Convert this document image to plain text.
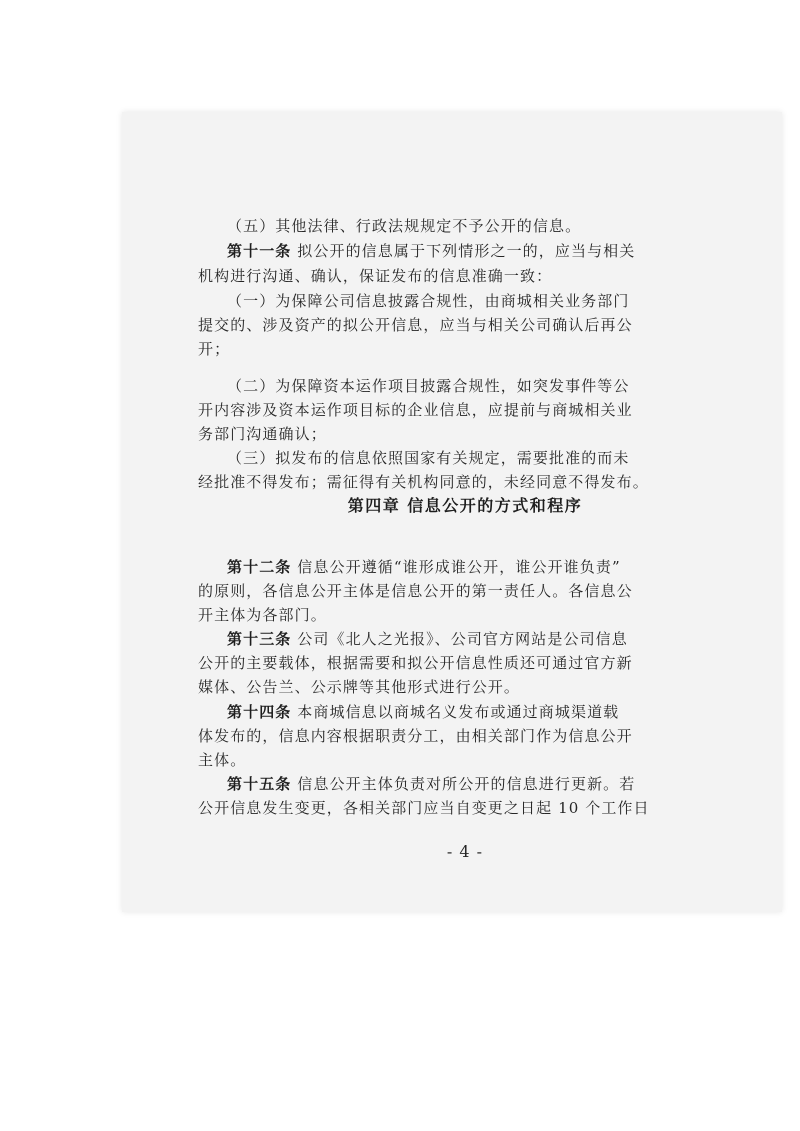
（五）其他法律、行政法规规定不予公开的信息。
第十一条 拟公开的信息属于下列情形之一的，应当与相关
机构进行沟通、确认，保证发布的信息准确一致：
（一）为保障公司信息披露合规性，由商城相关业务部门
提交的、涉及资产的拟公开信息，应当与相关公司确认后再公
开；
（二）为保障资本运作项目披露合规性，如突发事件等公
开内容涉及资本运作项目标的企业信息，应提前与商城相关业
务部门沟通确认；
（三）拟发布的信息依照国家有关规定，需要批准的而未
经批准不得发布；需征得有关机构同意的，未经同意不得发布。
第四章 信息公开的方式和程序
第十二条 信息公开遵循“谁形成谁公开，谁公开谁负责”
的原则，各信息公开主体是信息公开的第一责任人。各信息公
开主体为各部门。
第十三条 公司《北人之光报》、公司官方网站是公司信息
公开的主要载体，根据需要和拟公开信息性质还可通过官方新
媒体、公告兰、公示牌等其他形式进行公开。
第十四条 本商城信息以商城名义发布或通过商城渠道载
体发布的，信息内容根据职责分工，由相关部门作为信息公开
主体。
第十五条 信息公开主体负责对所公开的信息进行更新。若
公开信息发生变更，各相关部门应当自变更之日起 10 个工作日
- 4 -
